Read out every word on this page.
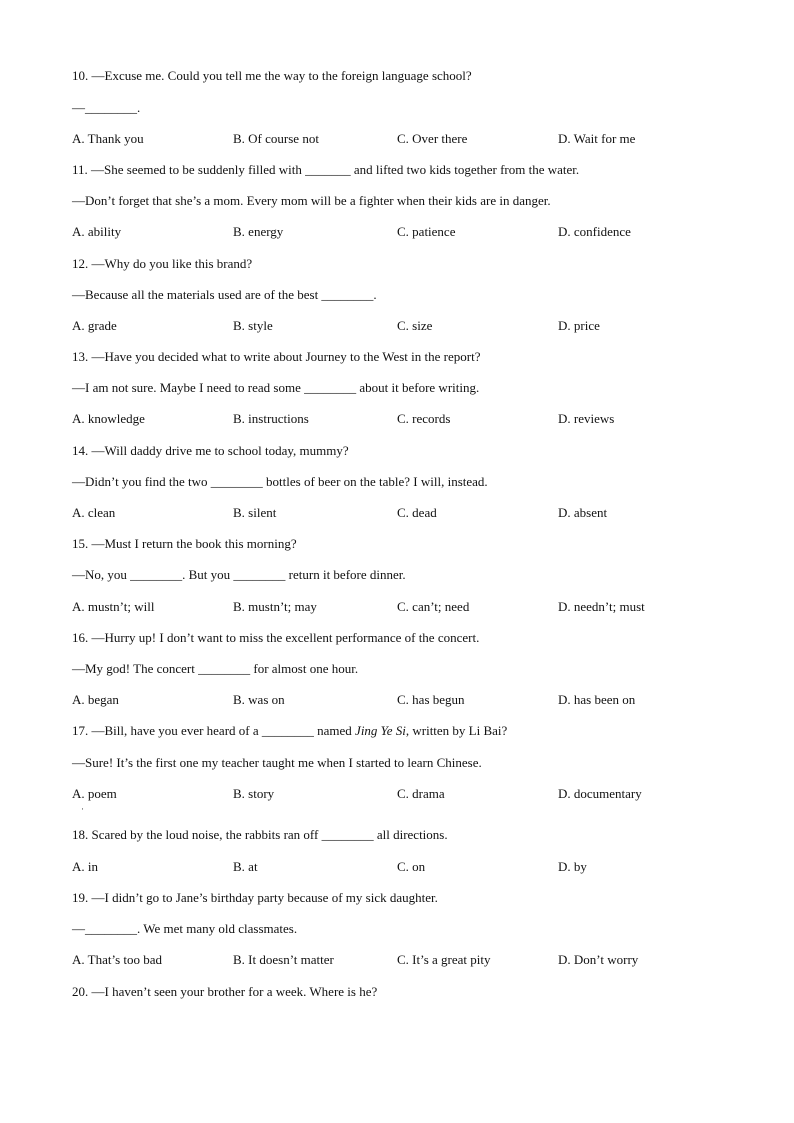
10. —Excuse me. Could you tell me the way to the foreign language school?
—________.
A. Thank you	B. Of course not	C. Over there	D. Wait for me
11. —She seemed to be suddenly filled with _______ and lifted two kids together from the water.
—Don’t forget that she’s a mom. Every mom will be a fighter when their kids are in danger.
A. ability	B. energy	C. patience	D. confidence
12. —Why do you like this brand?
—Because all the materials used are of the best ________.
A. grade	B. style	C. size	D. price
13. —Have you decided what to write about Journey to the West in the report?
—I am not sure. Maybe I need to read some ________ about it before writing.
A. knowledge	B. instructions	C. records	D. reviews
14. —Will daddy drive me to school today, mummy?
—Didn’t you find the two ________ bottles of beer on the table? I will, instead.
A. clean	B. silent	C. dead	D. absent
15. —Must I return the book this morning?
—No, you ________. But you ________ return it before dinner.
A. mustn’t; will	B. mustn’t; may	C. can’t; need	D. needn’t; must
16. —Hurry up! I don’t want to miss the excellent performance of the concert.
—My god! The concert ________ for almost one hour.
A. began	B. was on	C. has begun	D. has been on
17. —Bill, have you ever heard of a ________ named Jing Ye Si, written by Li Bai?
—Sure! It’s the first one my teacher taught me when I started to learn Chinese.
A. poem	B. story	C. drama	D. documentary
·
18. Scared by the loud noise, the rabbits ran off ________ all directions.
A. in	B. at	C. on	D. by
19. —I didn’t go to Jane’s birthday party because of my sick daughter.
—________. We met many old classmates.
A. That’s too bad	B. It doesn’t matter	C. It’s a great pity	D. Don’t worry
20. —I haven’t seen your brother for a week. Where is he?
